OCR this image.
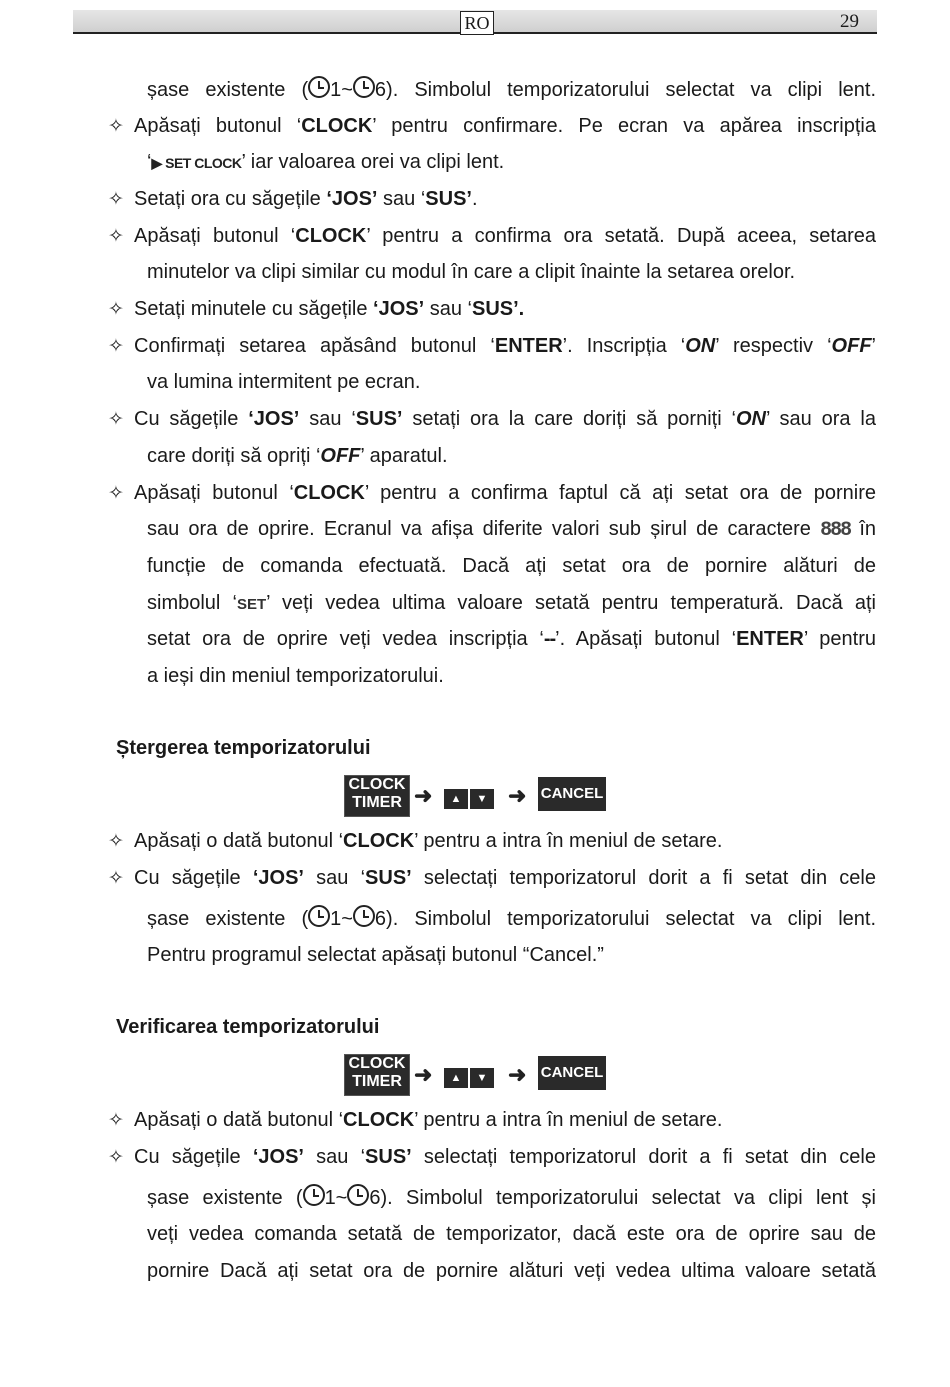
RO	29
șase existente ( 1~ 6). Simbolul temporizatorului selectat va clipi lent.
✧ Apăsați butonul ‘CLOCK’ pentru confirmare. Pe ecran va apărea inscripția
‘▶ SET CLOCK’ iar valoarea orei va clipi lent.
✧ Setați ora cu săgețile ‘JOS’ sau ‘SUS’.
✧ Apăsați butonul ‘CLOCK’ pentru a confirma ora setată. După aceea, setarea
minutelor va clipi similar cu modul în care a clipit înainte la setarea orelor.
✧ Setați minutele cu săgețile ‘JOS’ sau ‘SUS’.
✧ Confirmați setarea apăsând butonul ‘ENTER’. Inscripția ‘ON’ respectiv ‘OFF’
va lumina intermitent pe ecran.
✧ Cu săgețile ‘JOS’ sau ‘SUS’ setați ora la care doriți să porniți ‘ON’ sau ora la
care doriți să opriți ‘OFF’ aparatul.
✧ Apăsați butonul ‘CLOCK’ pentru a confirma faptul că ați setat ora de pornire
sau ora de oprire. Ecranul va afișa diferite valori sub șirul de caractere 888 în
funcție de comanda efectuată. Dacă ați setat ora de pornire alături de
simbolul ‘SET’ veți vedea ultima valoare setată pentru temperatură. Dacă ați
setat ora de oprire veți vedea inscripția ‘--’. Apăsați butonul ‘ENTER’ pentru
a ieși din meniul temporizatorului.
Ștergerea temporizatorului
CLOCK
TIMER ➜	▲ ▼ ➜ CANCEL
✧ Apăsați o dată butonul ‘CLOCK’ pentru a intra în meniul de setare.
✧ Cu săgețile ‘JOS’ sau ‘SUS’ selectați temporizatorul dorit a fi setat din cele
șase existente ( 1~ 6). Simbolul temporizatorului selectat va clipi lent.
Pentru programul selectat apăsați butonul “Cancel.”
Verificarea temporizatorului
CLOCK
TIMER ➜	▲ ▼ ➜ CANCEL
✧ Apăsați o dată butonul ‘CLOCK’ pentru a intra în meniul de setare.
✧ Cu săgețile ‘JOS’ sau ‘SUS’ selectați temporizatorul dorit a fi setat din cele
șase existente ( 1~ 6). Simbolul temporizatorului selectat va clipi lent și
veți vedea comanda setată de temporizator, dacă este ora de oprire sau de
pornire Dacă ați setat ora de pornire alături veți vedea ultima valoare setată
